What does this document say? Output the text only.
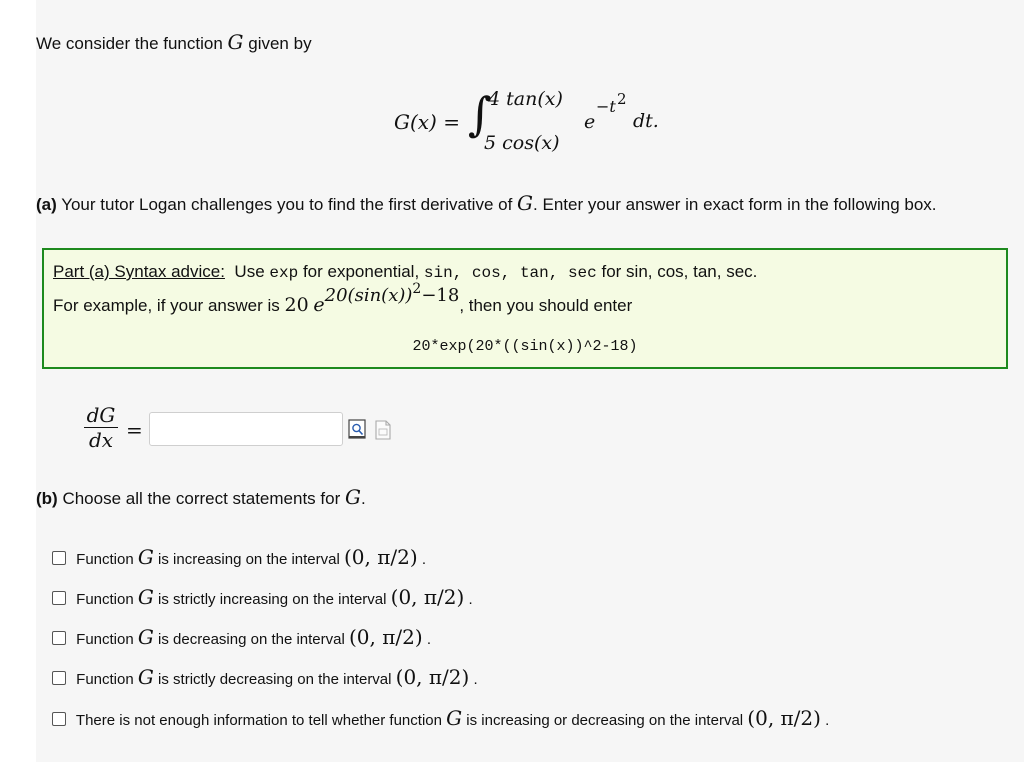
We consider the function G given by
G(x) = ∫
4 tan(x)
5 cos(x)
e
−t 2
dt.
(a) Your tutor Logan challenges you to find the first derivative of G. Enter your answer in exact form in the following box.
Part (a) Syntax advice: Use exp for exponential, sin, cos, tan, sec for sin, cos, tan, sec.
For example, if your answer is 20 $e20(\sin(x))^2-18$, then you should enter
20*exp(20*((sin(x))^2-18)
dG
dx =
(b) Choose all the correct statements for G.
Function G is increasing on the interval (0, π/2) .
Function G is strictly increasing on the interval (0, π/2) .
Function G is decreasing on the interval (0, π/2) .
Function G is strictly decreasing on the interval (0, π/2) .
There is not enough information to tell whether function G is increasing or decreasing on the interval (0, π/2) .
